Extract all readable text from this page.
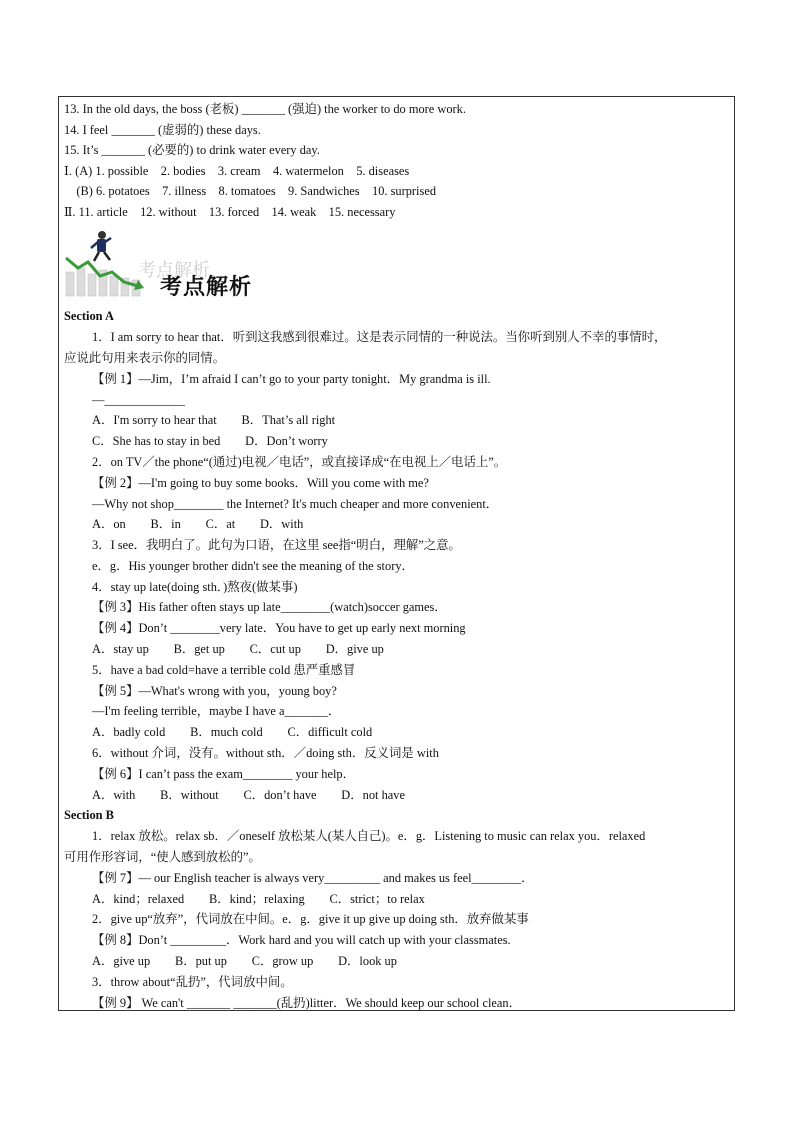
13. In the old days, the boss (老板) _______ (强迫) the worker to do more work.
14. I feel _______ (虚弱的) these days.
15. It’s _______ (必要的) to drink water every day.
Ⅰ. (A) 1. possible    2. bodies    3. cream    4. watermelon    5. diseases
(B) 6. potatoes    7. illness    8. tomatoes    9. Sandwiches    10. surprised
Ⅱ. 11. article    12. without    13. forced    14. weak    15. necessary
考点解析
考点解析
Section A
1．I am sorry to hear that．听到这我感到很难过。这是表示同情的一种说法。当你听到别人不幸的事情时，
应说此句用来表示你的同情。
【例 1】—Jim，I’m afraid I can’t go to your party tonight．My grandma is ill.
—_____________
A．I'm sorry to hear that        B．That’s all right
C．She has to stay in bed        D．Don’t worry
2．on TV／the phone“(通过)电视／电话”，或直接译成“在电视上／电话上”。
【例 2】—I'm going to buy some books．Will you come with me?
—Why not shop________ the Internet? It's much cheaper and more convenient．
A．on        B．in        C．at        D．with
3．I see．我明白了。此句为口语，在这里 see指“明白，理解”之意。
e．g．His younger brother didn't see the meaning of the story．
4．stay up late(doing sth．)熬夜(做某事)
【例 3】His father often stays up late________(watch)soccer games．
【例 4】Don’t ________very late．You have to get up early next morning
A．stay up        B．get up        C．cut up        D．give up
5．have a bad cold=have a terrible cold 患严重感冒
【例 5】—What's wrong with you，young boy?
—I'm feeling terrible，maybe I have a_______．
A．badly cold        B．much cold        C．difficult cold
6．without 介词，没有。without sth．／doing sth．反义词是 with
【例 6】I can’t pass the exam________ your help．
A．with        B．without        C．don’t have        D．not have
Section B
1．relax 放松。relax sb．／oneself 放松某人(某人自己)。e．g．Listening to music can relax you．relaxed
可用作形容词，“使人感到放松的”。
【例 7】— our English teacher is always very_________ and makes us feel________．
A．kind；relaxed        B．kind；relaxing        C．strict；to relax
2．give up“放弃”，代词放在中间。e．g．give it up give up doing sth．放弃做某事
【例 8】Don’t _________．Work hard and you will catch up with your classmates.
A．give up        B．put up        C．grow up        D．look up
3．throw about“乱扔”，代词放中间。
【例 9】 We can't _______ _______(乱扔)litter．We should keep our school clean．
